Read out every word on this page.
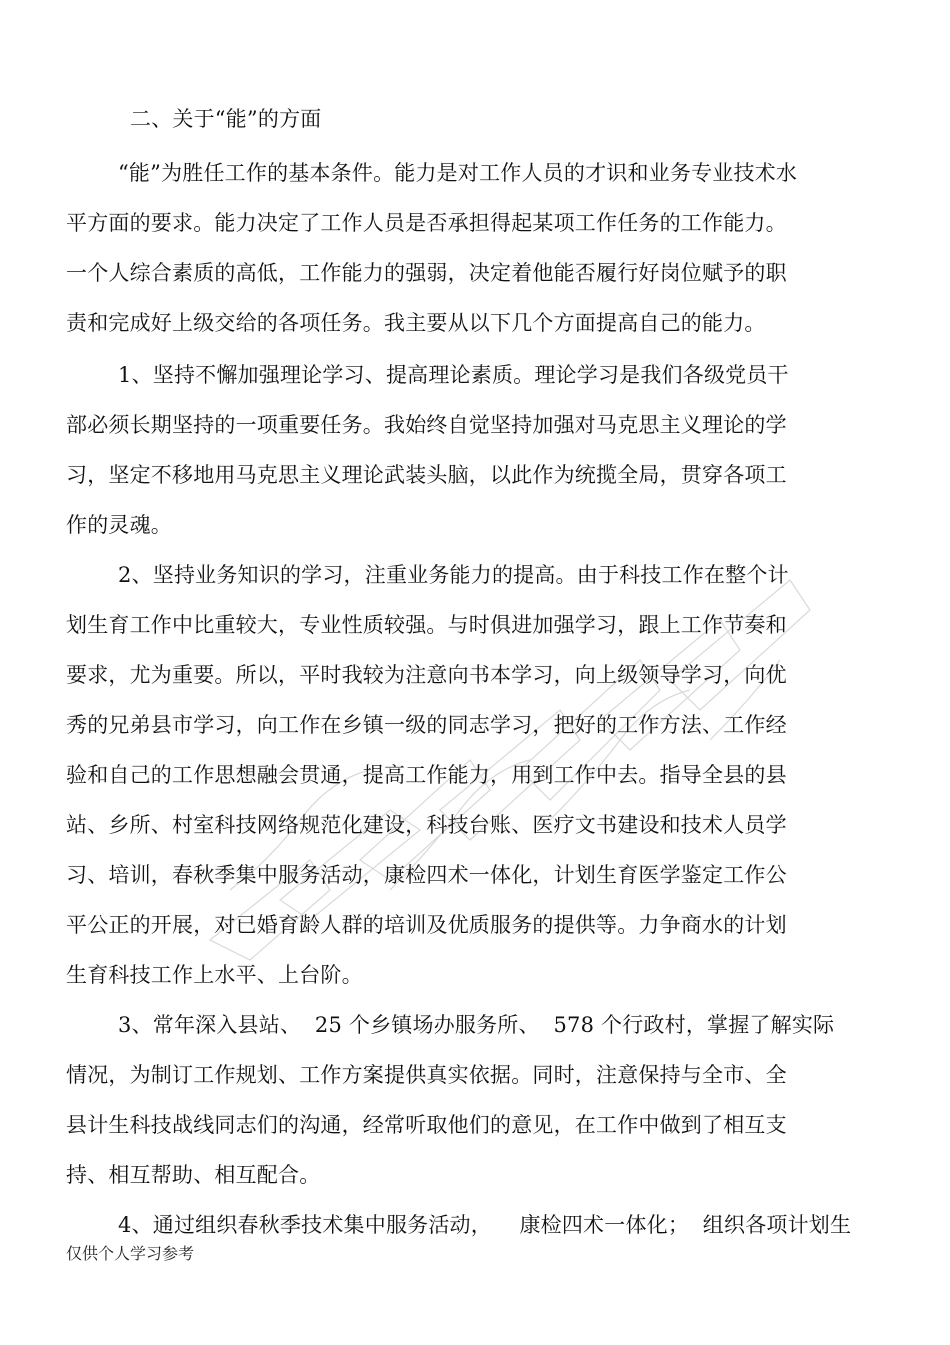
二、关于“能”的方面
“能”为胜任工作的基本条件。能力是对工作人员的才识和业务专业技术水
平方面的要求。能力决定了工作人员是否承担得起某项工作任务的工作能力。
一个人综合素质的高低，工作能力的强弱，决定着他能否履行好岗位赋予的职
责和完成好上级交给的各项任务。我主要从以下几个方面提高自己的能力。
1、坚持不懈加强理论学习、提高理论素质。理论学习是我们各级党员干
部必须长期坚持的一项重要任务。我始终自觉坚持加强对马克思主义理论的学
习，坚定不移地用马克思主义理论武装头脑，以此作为统揽全局，贯穿各项工
作的灵魂。
2、坚持业务知识的学习，注重业务能力的提高。由于科技工作在整个计
划生育工作中比重较大，专业性质较强。与时俱进加强学习，跟上工作节奏和
要求，尤为重要。所以，平时我较为注意向书本学习，向上级领导学习，向优
秀的兄弟县市学习，向工作在乡镇一级的同志学习，把好的工作方法、工作经
验和自己的工作思想融会贯通，提高工作能力，用到工作中去。指导全县的县
站、乡所、村室科技网络规范化建设，科技台账、医疗文书建设和技术人员学
习、培训，春秋季集中服务活动，康检四术一体化，计划生育医学鉴定工作公
平公正的开展，对已婚育龄人群的培训及优质服务的提供等。力争商水的计划
生育科技工作上水平、上台阶。
3、常年深入县站、  25 个乡镇场办服务所、  578 个行政村，掌握了解实际
情况，为制订工作规划、工作方案提供真实依据。同时，注意保持与全市、全
县计生科技战线同志们的沟通，经常听取他们的意见，在工作中做到了相互支
持、相互帮助、相互配合。
4、通过组织春秋季技术集中服务活动，    康检四术一体化；  组织各项计划生
仅供个人学习参考
